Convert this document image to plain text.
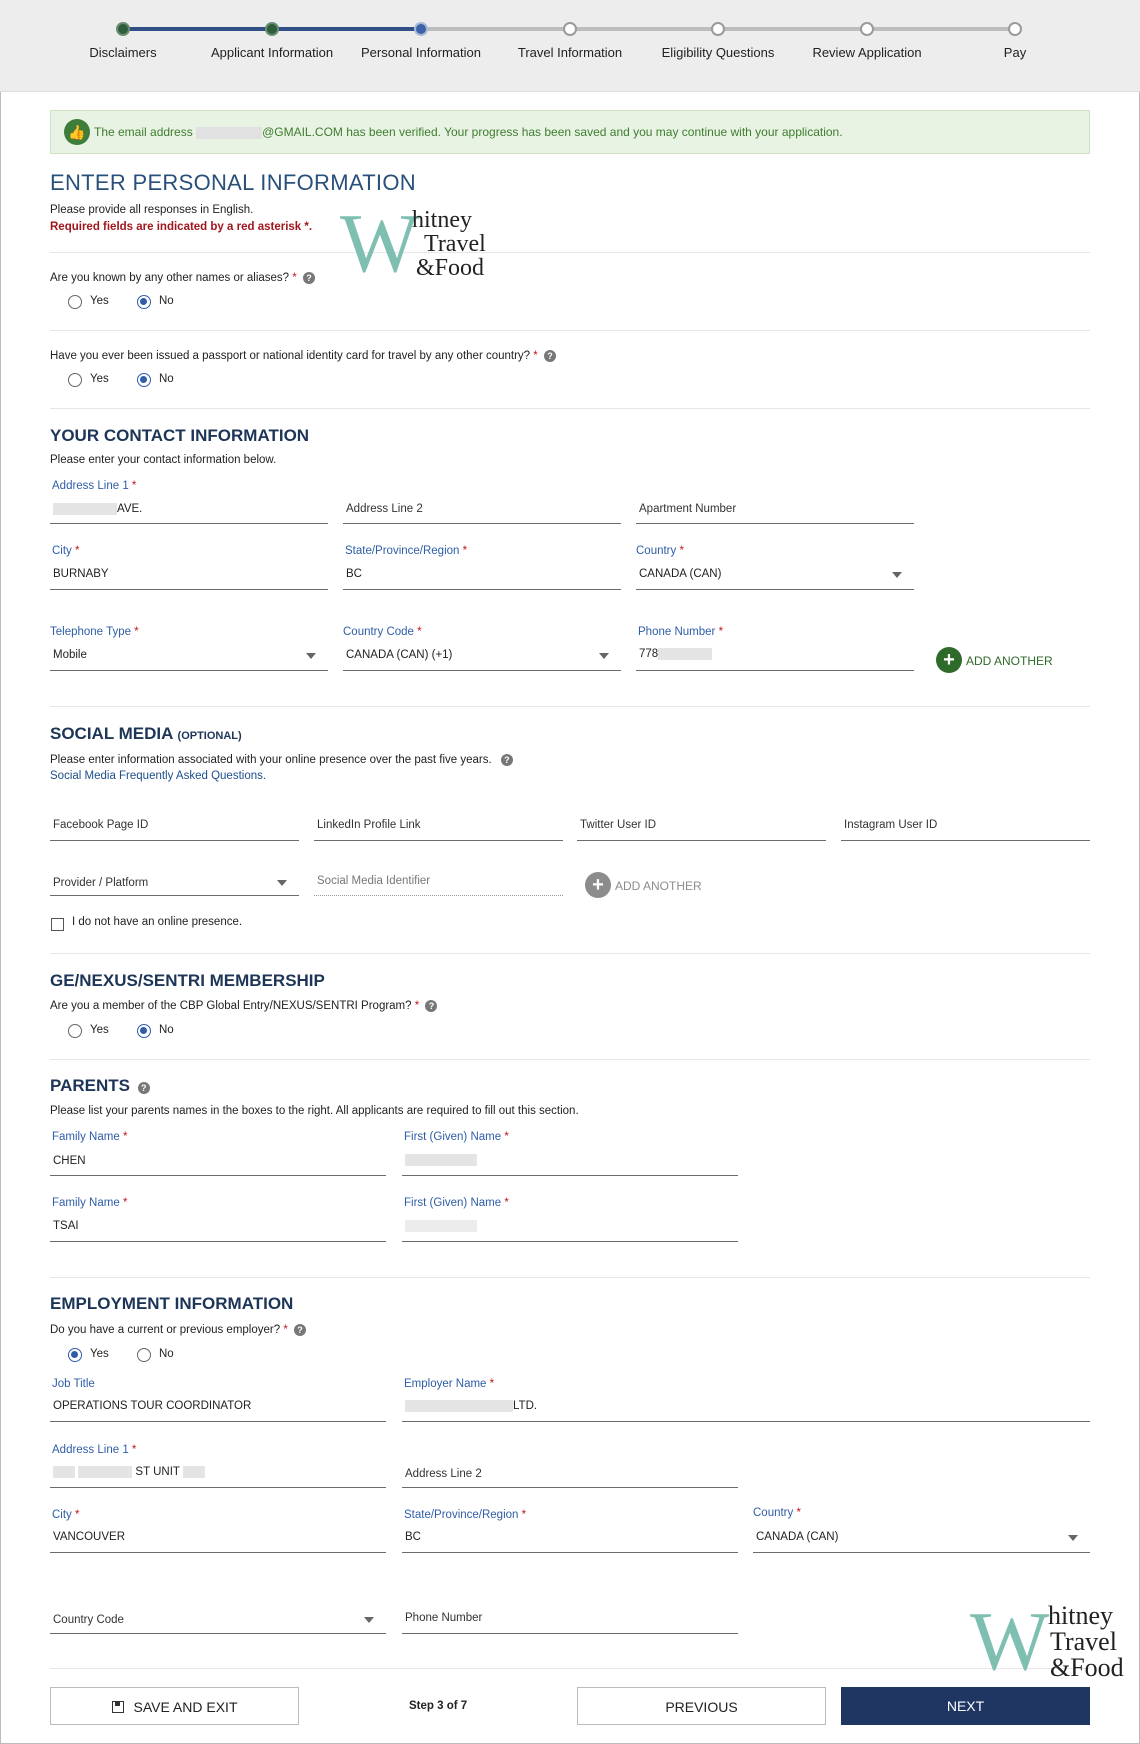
Disclaimers	Applicant Information	Personal Information	Travel Information	Eligibility Questions	Review Application	Pay
👍 The email address	@GMAIL.COM has been verified. Your progress has been saved and you may continue with your application.
ENTER PERSONAL INFORMATION
Please provide all responses in English.
Required fields are indicated by a red asterisk *.
Are you known by any other names or aliases? * ?
Yes	No
Have you ever been issued a passport or national identity card for travel by any other country? * ?
Yes	No
YOUR CONTACT INFORMATION
Please enter your contact information below.
Address Line 1 *
AVE.	Address Line 2	Apartment Number
City *
BURNABY
State/Province/Region *
BC
Country *
CANADA (CAN)
Telephone Type *
Mobile
Country Code *
CANADA (CAN) (+1)
Phone Number *
778	+ ADD ANOTHER
SOCIAL MEDIA (OPTIONAL)
Please enter information associated with your online presence over the past five years. ?
Social Media Frequently Asked Questions.
Facebook Page ID	LinkedIn Profile Link	Twitter User ID	Instagram User ID
Provider / Platform	Social Media Identifier	+ ADD ANOTHER
I do not have an online presence.
GE/NEXUS/SENTRI MEMBERSHIP
Are you a member of the CBP Global Entry/NEXUS/SENTRI Program? * ?
Yes	No
PARENTS ?
Please list your parents names in the boxes to the right. All applicants are required to fill out this section.
Family Name *
CHEN
First (Given) Name *
Family Name *
TSAI
First (Given) Name *
EMPLOYMENT INFORMATION
Do you have a current or previous employer? * ?
Yes	No
Job Title
OPERATIONS TOUR COORDINATOR
Employer Name *
LTD.
Address Line 1 *
ST UNIT	Address Line 2
City *
VANCOUVER
State/Province/Region *
BC
Country *
CANADA (CAN)
Country Code	Phone Number
SAVE AND EXIT	Step 3 of 7	PREVIOUS	NEXT
W
hitney
Travel
&Food
W
hitney
Travel
&Food
